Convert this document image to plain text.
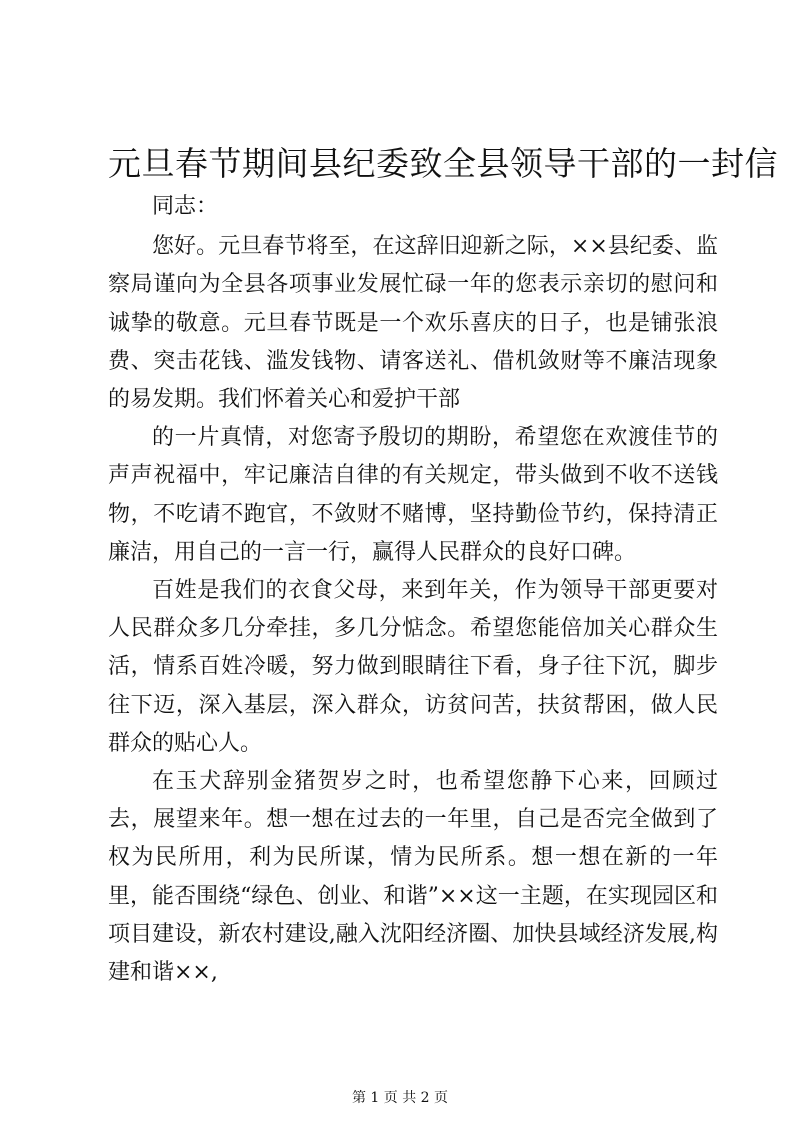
元旦春节期间县纪委致全县领导干部的一封信

同志：

您好。元旦春节将至，在这辞旧迎新之际，××县纪委、监察局谨向为全县各项事业发展忙碌一年的您表示亲切的慰问和诚挚的敬意。元旦春节既是一个欢乐喜庆的日子，也是铺张浪费、突击花钱、滥发钱物、请客送礼、借机敛财等不廉洁现象的易发期。我们怀着关心和爱护干部

的一片真情，对您寄予殷切的期盼，希望您在欢渡佳节的声声祝福中，牢记廉洁自律的有关规定，带头做到不收不送钱物，不吃请不跑官，不敛财不赌博，坚持勤俭节约，保持清正廉洁，用自己的一言一行，赢得人民群众的良好口碑。

百姓是我们的衣食父母，来到年关，作为领导干部更要对人民群众多几分牵挂，多几分惦念。希望您能倍加关心群众生活，情系百姓冷暖，努力做到眼睛往下看，身子往下沉，脚步往下迈，深入基层，深入群众，访贫问苦，扶贫帮困，做人民群众的贴心人。

在玉犬辞别金猪贺岁之时，也希望您静下心来，回顾过去，展望来年。想一想在过去的一年里，自己是否完全做到了权为民所用，利为民所谋，情为民所系。想一想在新的一年里，能否围绕“绿色、创业、和谐”××这一主题，在实现园区和项目建设，新农村建设,融入沈阳经济圈、加快县域经济发展,构建和谐××,

第 1 页 共 2 页
